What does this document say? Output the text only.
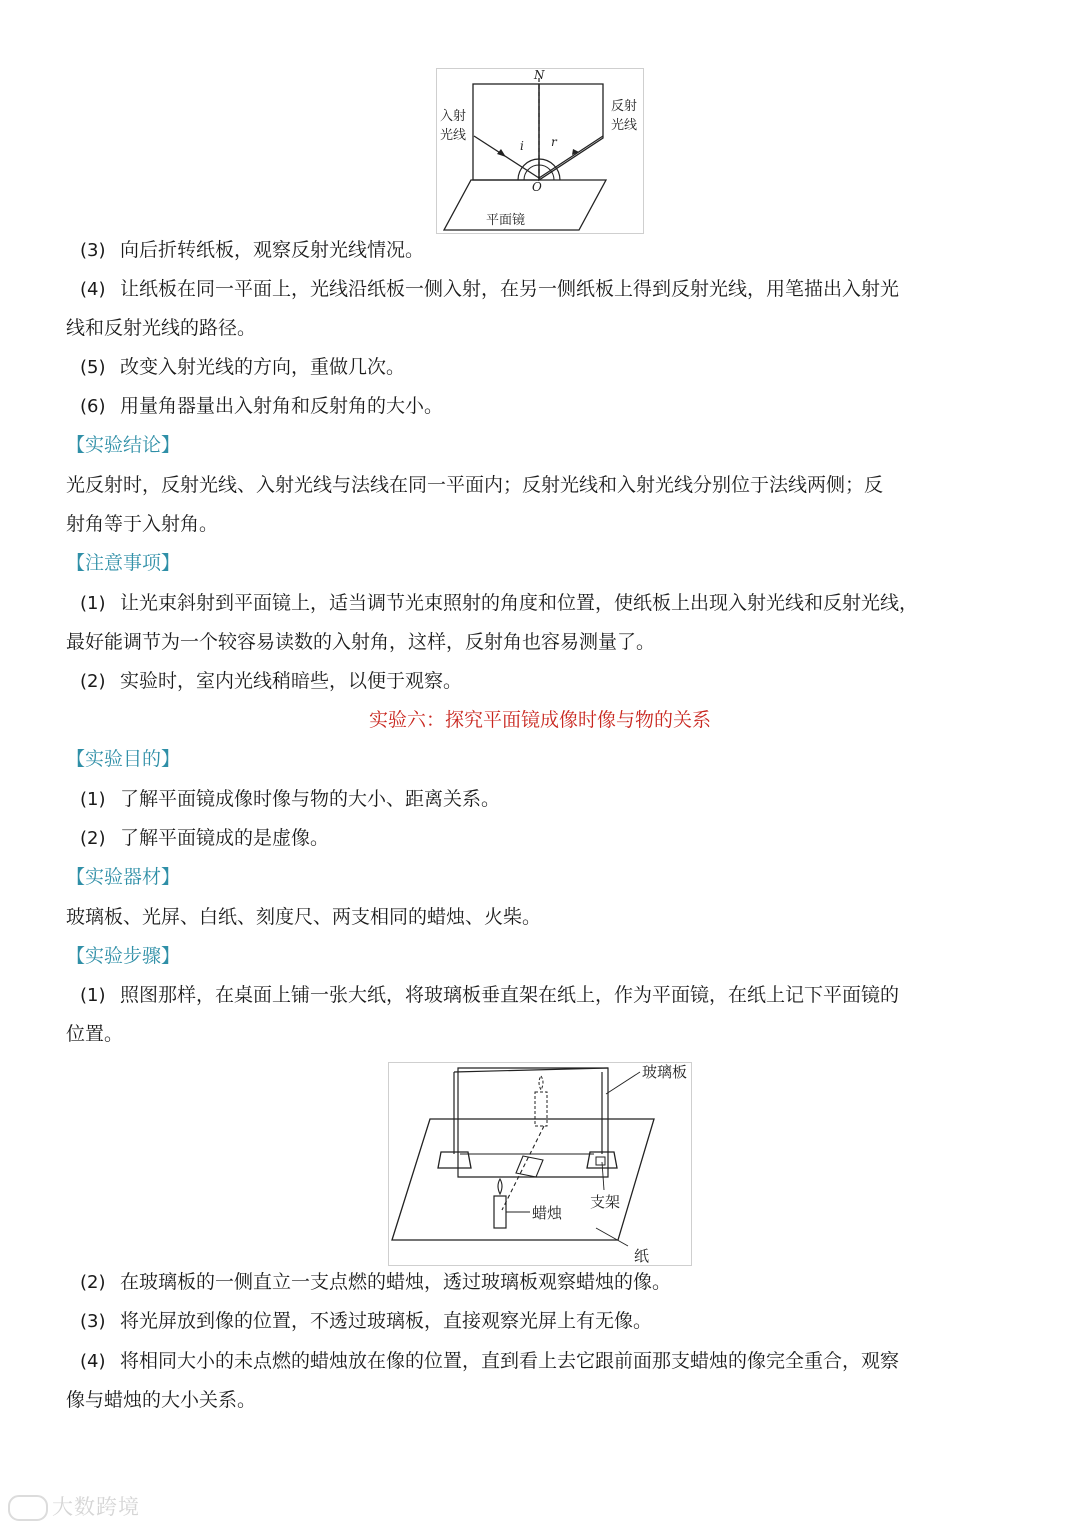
N
入射
光线
反射
光线
i r
O
平面镜
(3) 向后折转纸板，观察反射光线情况。
(4) 让纸板在同一平面上，光线沿纸板一侧入射，在另一侧纸板上得到反射光线，用笔描出入射光
线和反射光线的路径。
(5) 改变入射光线的方向，重做几次。
(6) 用量角器量出入射角和反射角的大小。
【实验结论】
光反射时，反射光线、入射光线与法线在同一平面内；反射光线和入射光线分别位于法线两侧；反
射角等于入射角。
【注意事项】
(1) 让光束斜射到平面镜上，适当调节光束照射的角度和位置，使纸板上出现入射光线和反射光线，
最好能调节为一个较容易读数的入射角，这样，反射角也容易测量了。
(2) 实验时，室内光线稍暗些，以便于观察。
实验六：探究平面镜成像时像与物的关系
【实验目的】
(1) 了解平面镜成像时像与物的大小、距离关系。
(2) 了解平面镜成的是虚像。
【实验器材】
玻璃板、光屏、白纸、刻度尺、两支相同的蜡烛、火柴。
【实验步骤】
(1) 照图那样，在桌面上铺一张大纸，将玻璃板垂直架在纸上，作为平面镜，在纸上记下平面镜的
位置。
玻璃板
支架
蜡烛
纸
(2) 在玻璃板的一侧直立一支点燃的蜡烛，透过玻璃板观察蜡烛的像。
(3) 将光屏放到像的位置，不透过玻璃板，直接观察光屏上有无像。
(4) 将相同大小的未点燃的蜡烛放在像的位置，直到看上去它跟前面那支蜡烛的像完全重合，观察
像与蜡烛的大小关系。
大数跨境
